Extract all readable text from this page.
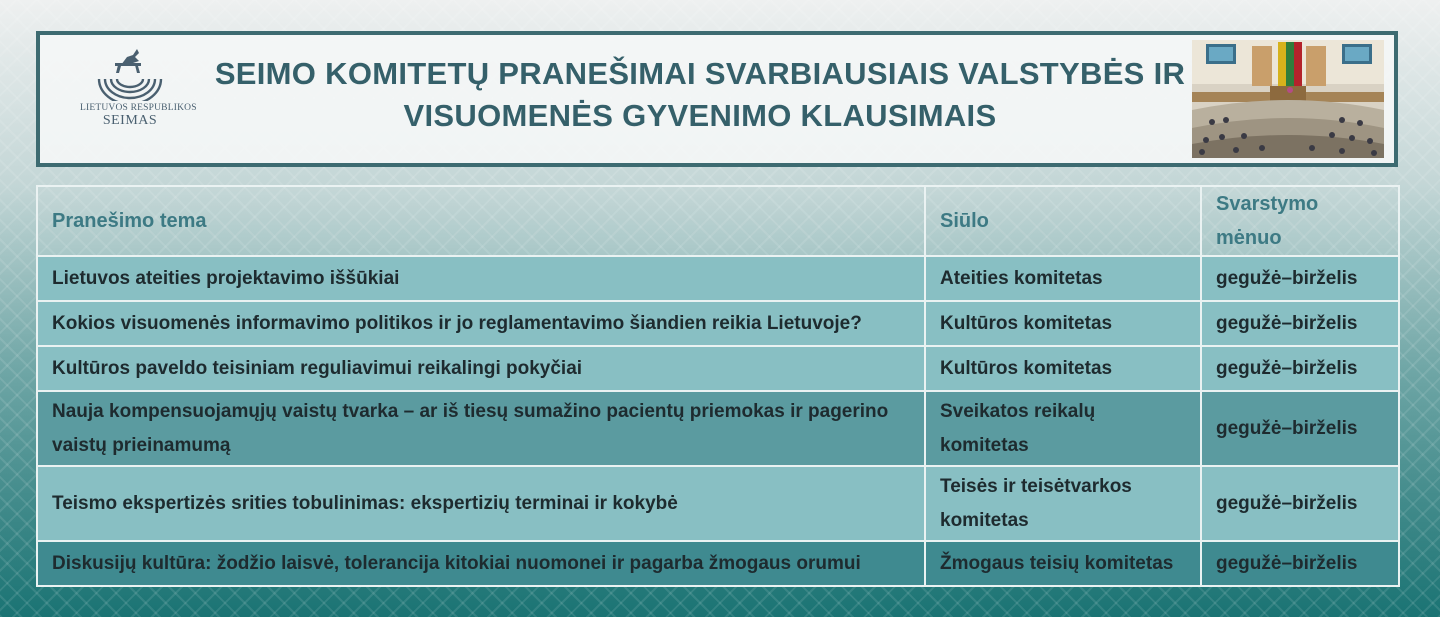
LIETUVOS RESPUBLIKOS
SEIMAS
SEIMO KOMITETŲ PRANEŠIMAI SVARBIAUSIAIS VALSTYBĖS IR
VISUOMENĖS GYVENIMO KLAUSIMAIS
Pranešimo tema	Siūlo	Svarstymo mėnuo
Lietuvos ateities projektavimo iššūkiai	Ateities komitetas	gegužė–birželis
Kokios visuomenės informavimo politikos ir jo reglamentavimo šiandien reikia Lietuvoje?	Kultūros komitetas	gegužė–birželis
Kultūros paveldo teisiniam reguliavimui reikalingi pokyčiai	Kultūros komitetas	gegužė–birželis
Nauja kompensuojamųjų vaistų tvarka – ar iš tiesų sumažino pacientų priemokas ir pagerino vaistų prieinamumą	Sveikatos reikalų komitetas	gegužė–birželis
Teismo ekspertizės srities tobulinimas: ekspertizių terminai ir kokybė	Teisės ir teisėtvarkos komitetas	gegužė–birželis
Diskusijų kultūra: žodžio laisvė, tolerancija kitokiai nuomonei ir pagarba žmogaus orumui	Žmogaus teisių komitetas	gegužė–birželis
